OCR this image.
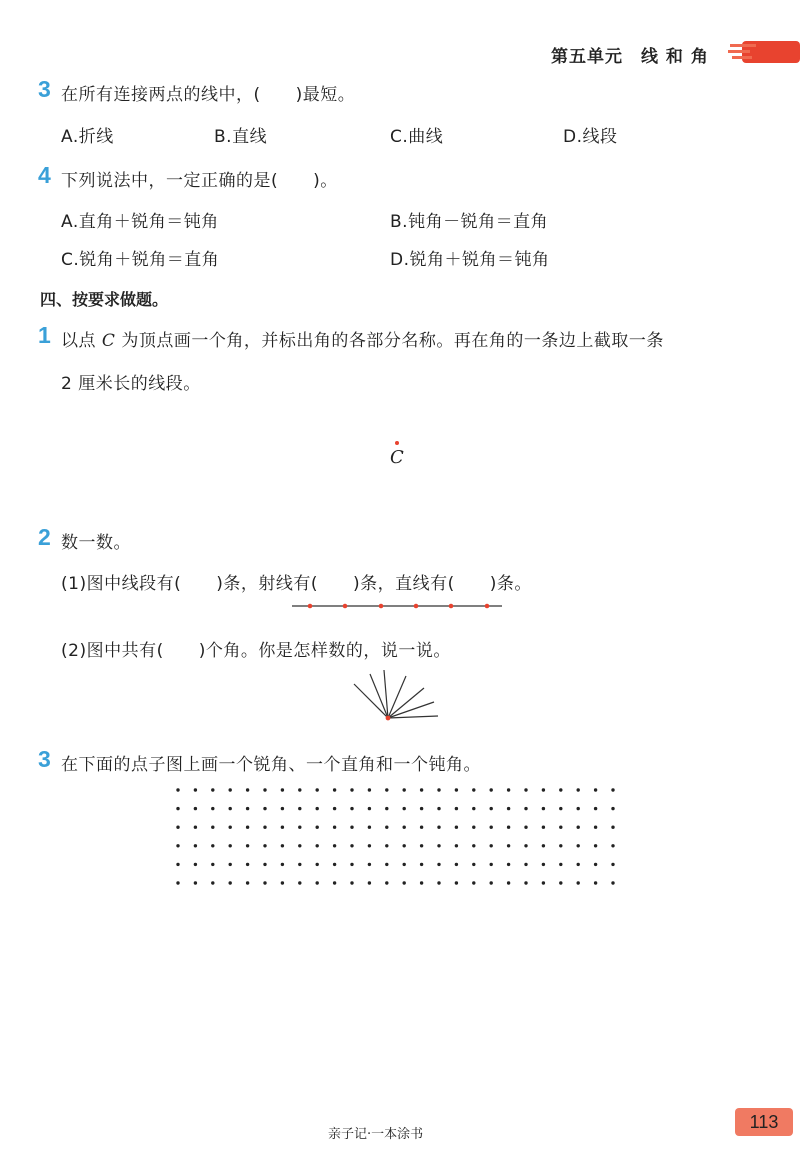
第五单元 线 和 角
3 在所有连接两点的线中，(　　)最短。
A.折线	B.直线	C.曲线	D.线段
4 下列说法中，一定正确的是(　　)。
A.直角＋锐角＝钝角	B.钝角－锐角＝直角
C.锐角＋锐角＝直角	D.锐角＋锐角＝钝角
四、按要求做题。
1 以点 C 为顶点画一个角，并标出角的各部分名称。再在角的一条边上截取一条
2 厘米长的线段。
C
2 数一数。
(1)图中线段有(　　)条，射线有(　　)条，直线有(　　)条。
(2)图中共有(　　)个角。你是怎样数的，说一说。
3 在下面的点子图上画一个锐角、一个直角和一个钝角。
亲子记·一本涂书
113
